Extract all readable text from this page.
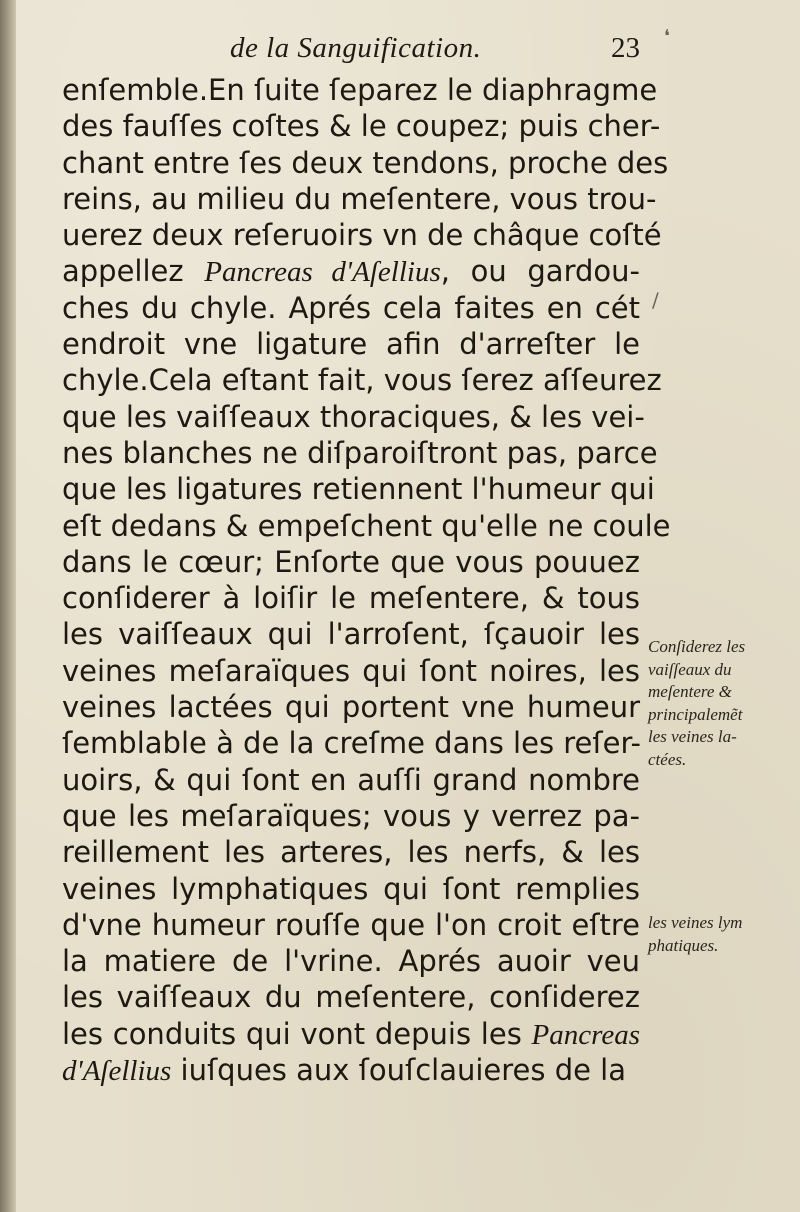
de la Sanguification.	23
enſemble.En ſuite ſeparez le diaphragme
des fauſſes coſtes & le coupez; puis cher-
chant entre ſes deux tendons, proche des
reins, au milieu du meſentere, vous trou-
uerez deux reſeruoirs vn de châque coſté
appellez Pancreas d'Aſellius, ou gardou-
ches du chyle. Aprés cela faites en cét
endroit vne ligature afin d'arreſter le
chyle.Cela eſtant fait, vous ſerez aſſeurez
que les vaiſſeaux thoraciques, & les vei-
nes blanches ne diſparoiſtront pas, parce
que les ligatures retiennent l'humeur qui
eſt dedans & empeſchent qu'elle ne coule
dans le cœur; Enſorte que vous pouuez
conſiderer à loiſir le meſentere, & tous
les vaiſſeaux qui l'arroſent, ſçauoir les
veines meſaraïques qui ſont noires, les
veines lactées qui portent vne humeur
ſemblable à de la creſme dans les reſer-
uoirs, & qui ſont en auſſi grand nombre
que les meſaraïques; vous y verrez pa-
reillement les arteres, les nerfs, & les
veines lymphatiques qui ſont remplies
d'vne humeur rouſſe que l'on croit eſtre
la matiere de l'vrine. Aprés auoir veu
les vaiſſeaux du meſentere, conſiderez
les conduits qui vont depuis les Pancreas
d'Aſellius iuſques aux ſouſclauieres de la
Conſiderez les
vaiſſeaux du
meſentere &
principalemẽt
les veines la-
ctées.
les veines lym
phatiques.
❛
/
